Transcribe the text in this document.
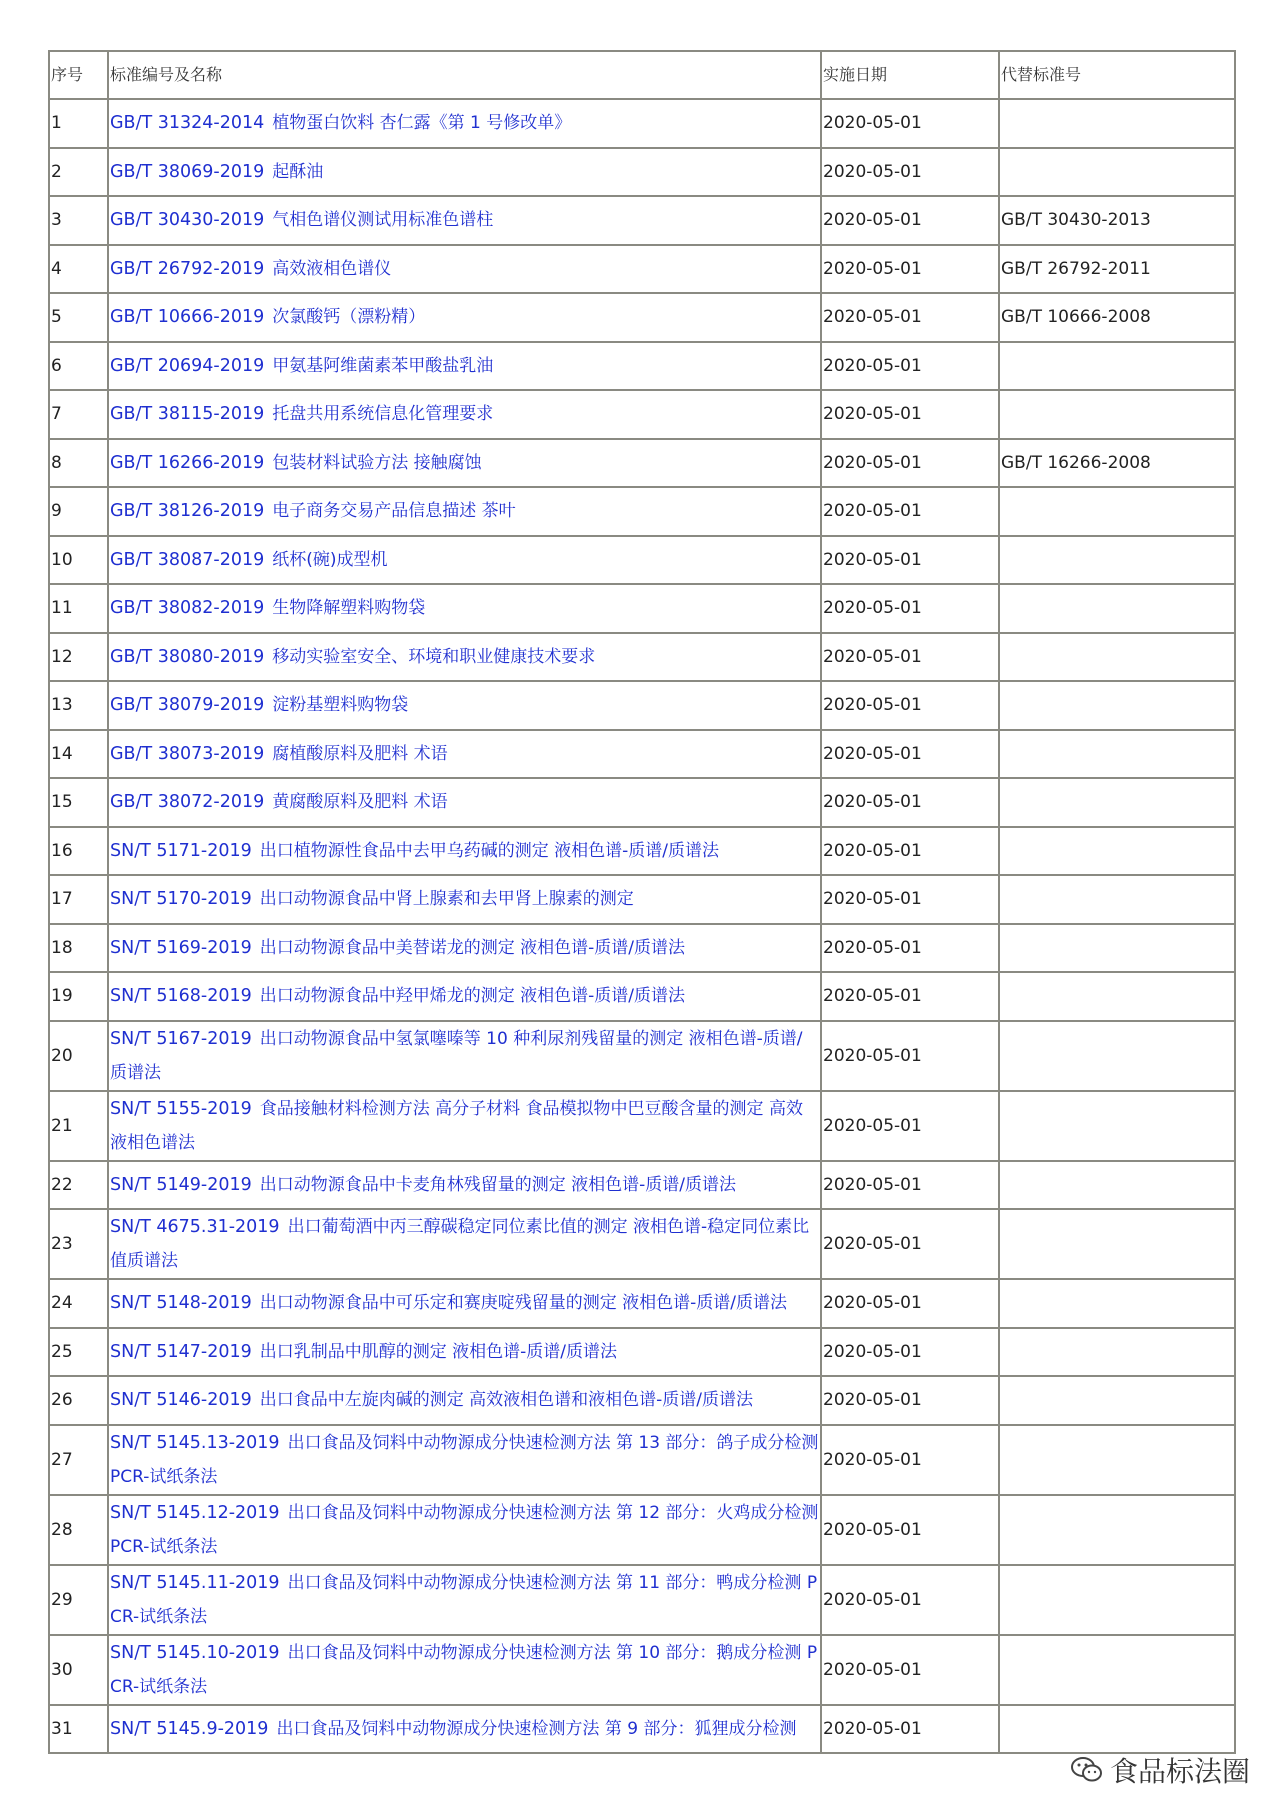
序号	标准编号及名称	实施日期	代替标准号
1	GB/T 31324-2014 植物蛋白饮料 杏仁露《第 1 号修改单》	2020-05-01	
2	GB/T 38069-2019 起酥油	2020-05-01	
3	GB/T 30430-2019 气相色谱仪测试用标准色谱柱	2020-05-01	GB/T 30430-2013
4	GB/T 26792-2019 高效液相色谱仪	2020-05-01	GB/T 26792-2011
5	GB/T 10666-2019 次氯酸钙（漂粉精）	2020-05-01	GB/T 10666-2008
6	GB/T 20694-2019 甲氨基阿维菌素苯甲酸盐乳油	2020-05-01	
7	GB/T 38115-2019 托盘共用系统信息化管理要求	2020-05-01	
8	GB/T 16266-2019 包装材料试验方法 接触腐蚀	2020-05-01	GB/T 16266-2008
9	GB/T 38126-2019 电子商务交易产品信息描述 茶叶	2020-05-01	
10	GB/T 38087-2019 纸杯(碗)成型机	2020-05-01	
11	GB/T 38082-2019 生物降解塑料购物袋	2020-05-01	
12	GB/T 38080-2019 移动实验室安全、环境和职业健康技术要求	2020-05-01	
13	GB/T 38079-2019 淀粉基塑料购物袋	2020-05-01	
14	GB/T 38073-2019 腐植酸原料及肥料 术语	2020-05-01	
15	GB/T 38072-2019 黄腐酸原料及肥料 术语	2020-05-01	
16	SN/T 5171-2019 出口植物源性食品中去甲乌药碱的测定 液相色谱-质谱/质谱法	2020-05-01	
17	SN/T 5170-2019 出口动物源食品中肾上腺素和去甲肾上腺素的测定	2020-05-01	
18	SN/T 5169-2019 出口动物源食品中美替诺龙的测定 液相色谱-质谱/质谱法	2020-05-01	
19	SN/T 5168-2019 出口动物源食品中羟甲烯龙的测定 液相色谱-质谱/质谱法	2020-05-01	
20	SN/T 5167-2019 出口动物源食品中氢氯噻嗪等 10 种利尿剂残留量的测定 液相色谱-质谱/质谱法	2020-05-01	
21	SN/T 5155-2019 食品接触材料检测方法 高分子材料 食品模拟物中巴豆酸含量的测定 高效液相色谱法	2020-05-01	
22	SN/T 5149-2019 出口动物源食品中卡麦角林残留量的测定 液相色谱-质谱/质谱法	2020-05-01	
23	SN/T 4675.31-2019 出口葡萄酒中丙三醇碳稳定同位素比值的测定 液相色谱-稳定同位素比值质谱法	2020-05-01	
24	SN/T 5148-2019 出口动物源食品中可乐定和赛庚啶残留量的测定 液相色谱-质谱/质谱法	2020-05-01	
25	SN/T 5147-2019 出口乳制品中肌醇的测定 液相色谱-质谱/质谱法	2020-05-01	
26	SN/T 5146-2019 出口食品中左旋肉碱的测定 高效液相色谱和液相色谱-质谱/质谱法	2020-05-01	
27	SN/T 5145.13-2019 出口食品及饲料中动物源成分快速检测方法 第 13 部分：鸽子成分检测 PCR-试纸条法	2020-05-01	
28	SN/T 5145.12-2019 出口食品及饲料中动物源成分快速检测方法 第 12 部分：火鸡成分检测 PCR-试纸条法	2020-05-01	
29	SN/T 5145.11-2019 出口食品及饲料中动物源成分快速检测方法 第 11 部分：鸭成分检测 PCR-试纸条法	2020-05-01	
30	SN/T 5145.10-2019 出口食品及饲料中动物源成分快速检测方法 第 10 部分：鹅成分检测 PCR-试纸条法	2020-05-01	
31	SN/T 5145.9-2019 出口食品及饲料中动物源成分快速检测方法 第 9 部分：狐狸成分检测	2020-05-01	
食品标法圈
